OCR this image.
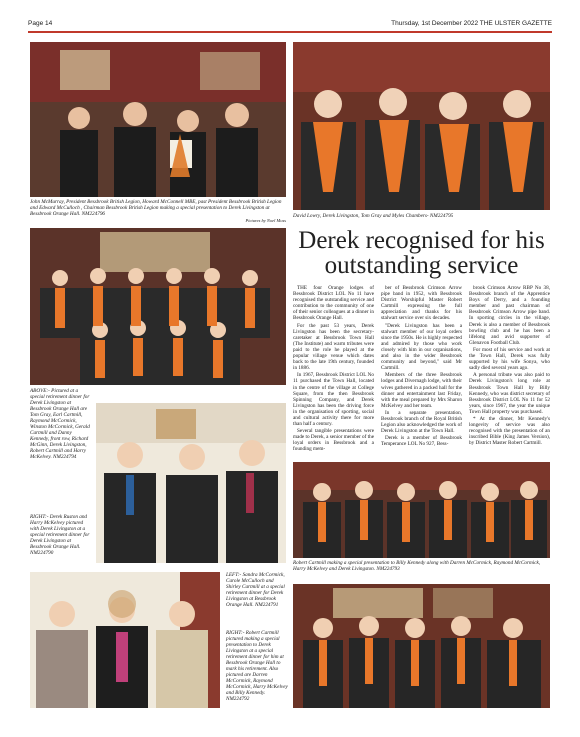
Page 14	Thursday, 1st December 2022 THE ULSTER GAZETTE
John McMurray, President Bessbrook British Legion, Howard McConnell MBE, past President Bessbrook British Legion and Edward McCulloch , Chairman Bessbrook British Legion making a special presentation to Derek Livingston at Bessbrook Orange Hall. NM224796
Pictures by Noel Moss
David Lowry, Derek Livingston, Tom Gray and Myles Chambers- NM224795
Derek recognised for his outstanding service

THE four Orange lodges of Bessbrook District LOL No 11 have recognised the outstanding service and contribution to the community of one of their senior colleagues at a dinner in Bessbrook Orange Hall.

For the past 53 years, Derek Livingston has been the secretary-caretaker at Bessbrook Town Hall (The Institute) and warm tributes were paid to the role he played at the popular village venue which dates back to the late 19th century, founded in 1886.

In 1967, Bessbrook District LOL No 11 purchased the Town Hall, located in the centre of the village at College Square, from the then Bessbrook Spinning Company, and Derek Livingston has been the driving force in the organisation of sporting, social and cultural activity there for more than half a century.

Several tangible presentations were made to Derek, a senior member of the loyal orders in Bessbrook and a founding mem-

ber of Bessbrook Crimson Arrow pipe band in 1952, with Bessbrook District Worshipful Master Robert Cartmill expressing the full appreciation and thanks for his stalwart service over six decades.

"Derek Livingston has been a stalwart member of our loyal orders since the 1950s. He is highly respected and admired by those who work closely with him in our organisations, and also in the wider Bessbrook community and beyond," said Mr Cartmill.

Members of the three Bessbrook lodges and Divernagh lodge, with their wives gathered in a packed hall for the dinner and entertainment last Friday, with the meal prepared by Mrs Sharon McKelvey and her team.

In a separate presentation, Bessbrook branch of the Royal British Legion also acknowledged the work of Derek Livingston at the Town Hall.

Derek is a member of Bessbrook Temperance LOL No 927, Bess-

brook Crimson Arrow RBP No 38, Bessbrook branch of the Apprentice Boys of Derry, and a founding member and past chairman of Bessbrook Crimson Arrow pipe band. In sporting circles in the village, Derek is also a member of Bessbrook bowling club and he has been a lifelong and avid supporter of Glenavon Football Club.

For most of his service and work at the Town Hall, Derek was fully supported by his wife Sonya, who sadly died several years ago.

A personal tribute was also paid to Derek Livingston's long role at Bessbrook Town Hall by Billy Kennedy, who was district secretary of Bessbrook District LOL No 11 for 52 years, since 1967, the year the unique Town Hall property was purchased.

* At the dinner, Mr Kennedy's longevity of service was also recognised with the presentation of an inscribed Bible (King James Version), by District Master Robert Cartmill.

ABOVE:- Pictured at a special retirement dinner for Derek Livingston at Bessbrook Orange Hall are Tom Gray, Earl Cartmill, Raymond McCormick, Winston McCormick, Gerald Cartmill and Danny Kennedy, front row, Richard McGinn, Derek Livingston, Robert Cartmill and Harry McKelvey. NM224794
RIGHT:- Derek Ruston and Harry McKelvey pictured with Derek Livingston at a special retirement dinner for Derek Livingston at Bessbrook Orange Hall. NM224790
Robert Cartmill making a special presentation to Billy Kennedy along with Darren McCormick, Raymond McCormick, Harry McKelvey and Derek Livingston. NM224793
LEFT:- Sandra McCormick, Carole McCulloch and Shirley Cartmill at a special retirement dinner for Derek Livingston at Bessbrook Orange Hall. NM224791
RIGHT:- Robert Cartmill pictured making a special presentation to Derek Livingston at a special retirement dinner for him at Bessbrook Orange Hall to mark his retirement. Also pictured are Darren McCormick, Raymond McCormick, Harry McKelvey and Billy Kennedy. NM224792
